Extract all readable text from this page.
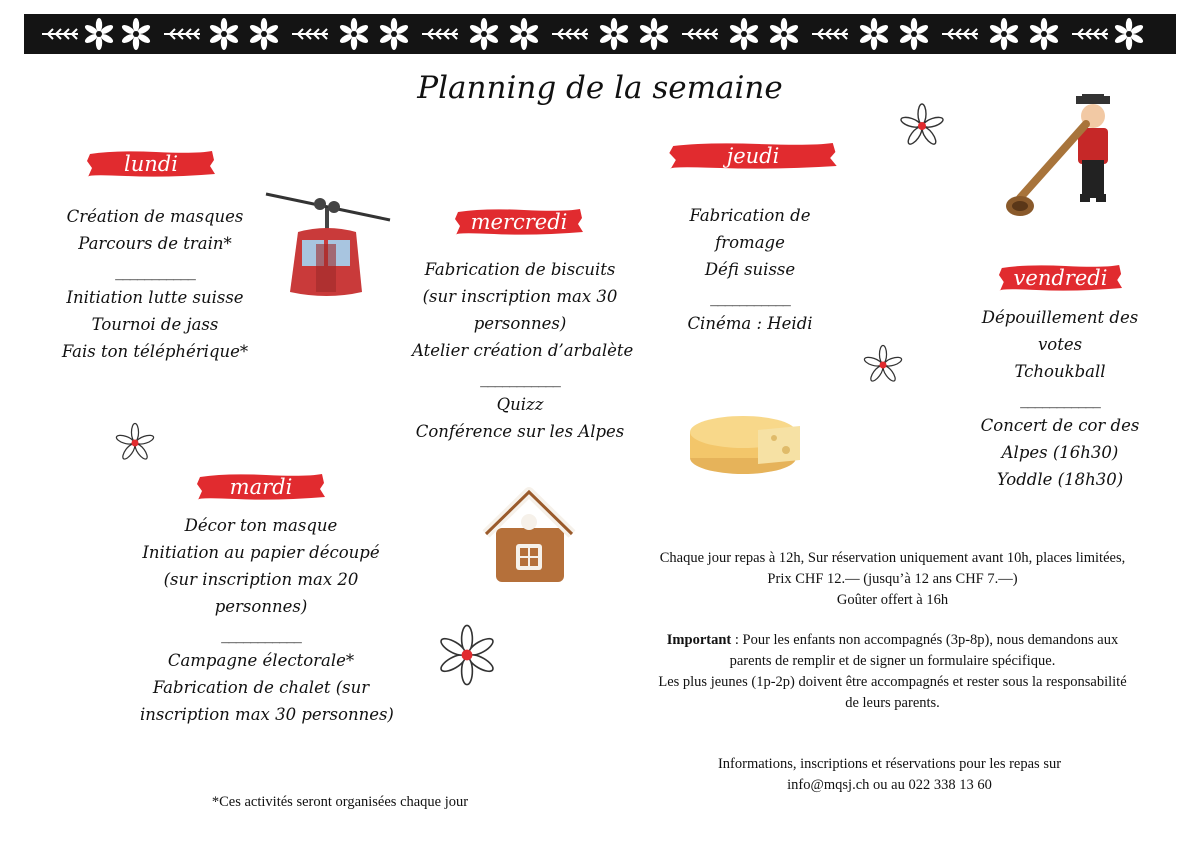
Planning de la semaine
lundi
Création de masques
Parcours de train*
___________
Initiation lutte suisse
Tournoi de jass
Fais ton téléphérique*
mardi
Décor ton masque
Initiation au papier découpé
(sur inscription max 20
personnes)
___________
Campagne électorale*
Fabrication de chalet (sur
inscription max 30 personnes)
mercredi
Fabrication de biscuits
(sur inscription max 30
personnes)
Atelier création d’arbalète
___________
Quizz
Conférence sur les Alpes
jeudi
Fabrication de
fromage
Défi suisse
___________
Cinéma : Heidi
vendredi
Dépouillement des
votes
Tchoukball
___________
Concert de cor des
Alpes (16h30)
Yoddle (18h30)
Chaque jour repas à 12h, Sur réservation uniquement avant 10h, places limitées,
Prix CHF 12.— (jusqu’à 12 ans CHF 7.—)
Goûter offert à 16h
Important : Pour les enfants non accompagnés (3p-8p), nous demandons aux
parents de remplir et de signer un formulaire spécifique.
Les plus jeunes (1p-2p) doivent être accompagnés et rester sous la responsabilité
de leurs parents.
Informations, inscriptions et réservations pour les repas sur
info@mqsj.ch ou au 022 338 13 60
*Ces activités seront organisées chaque jour
